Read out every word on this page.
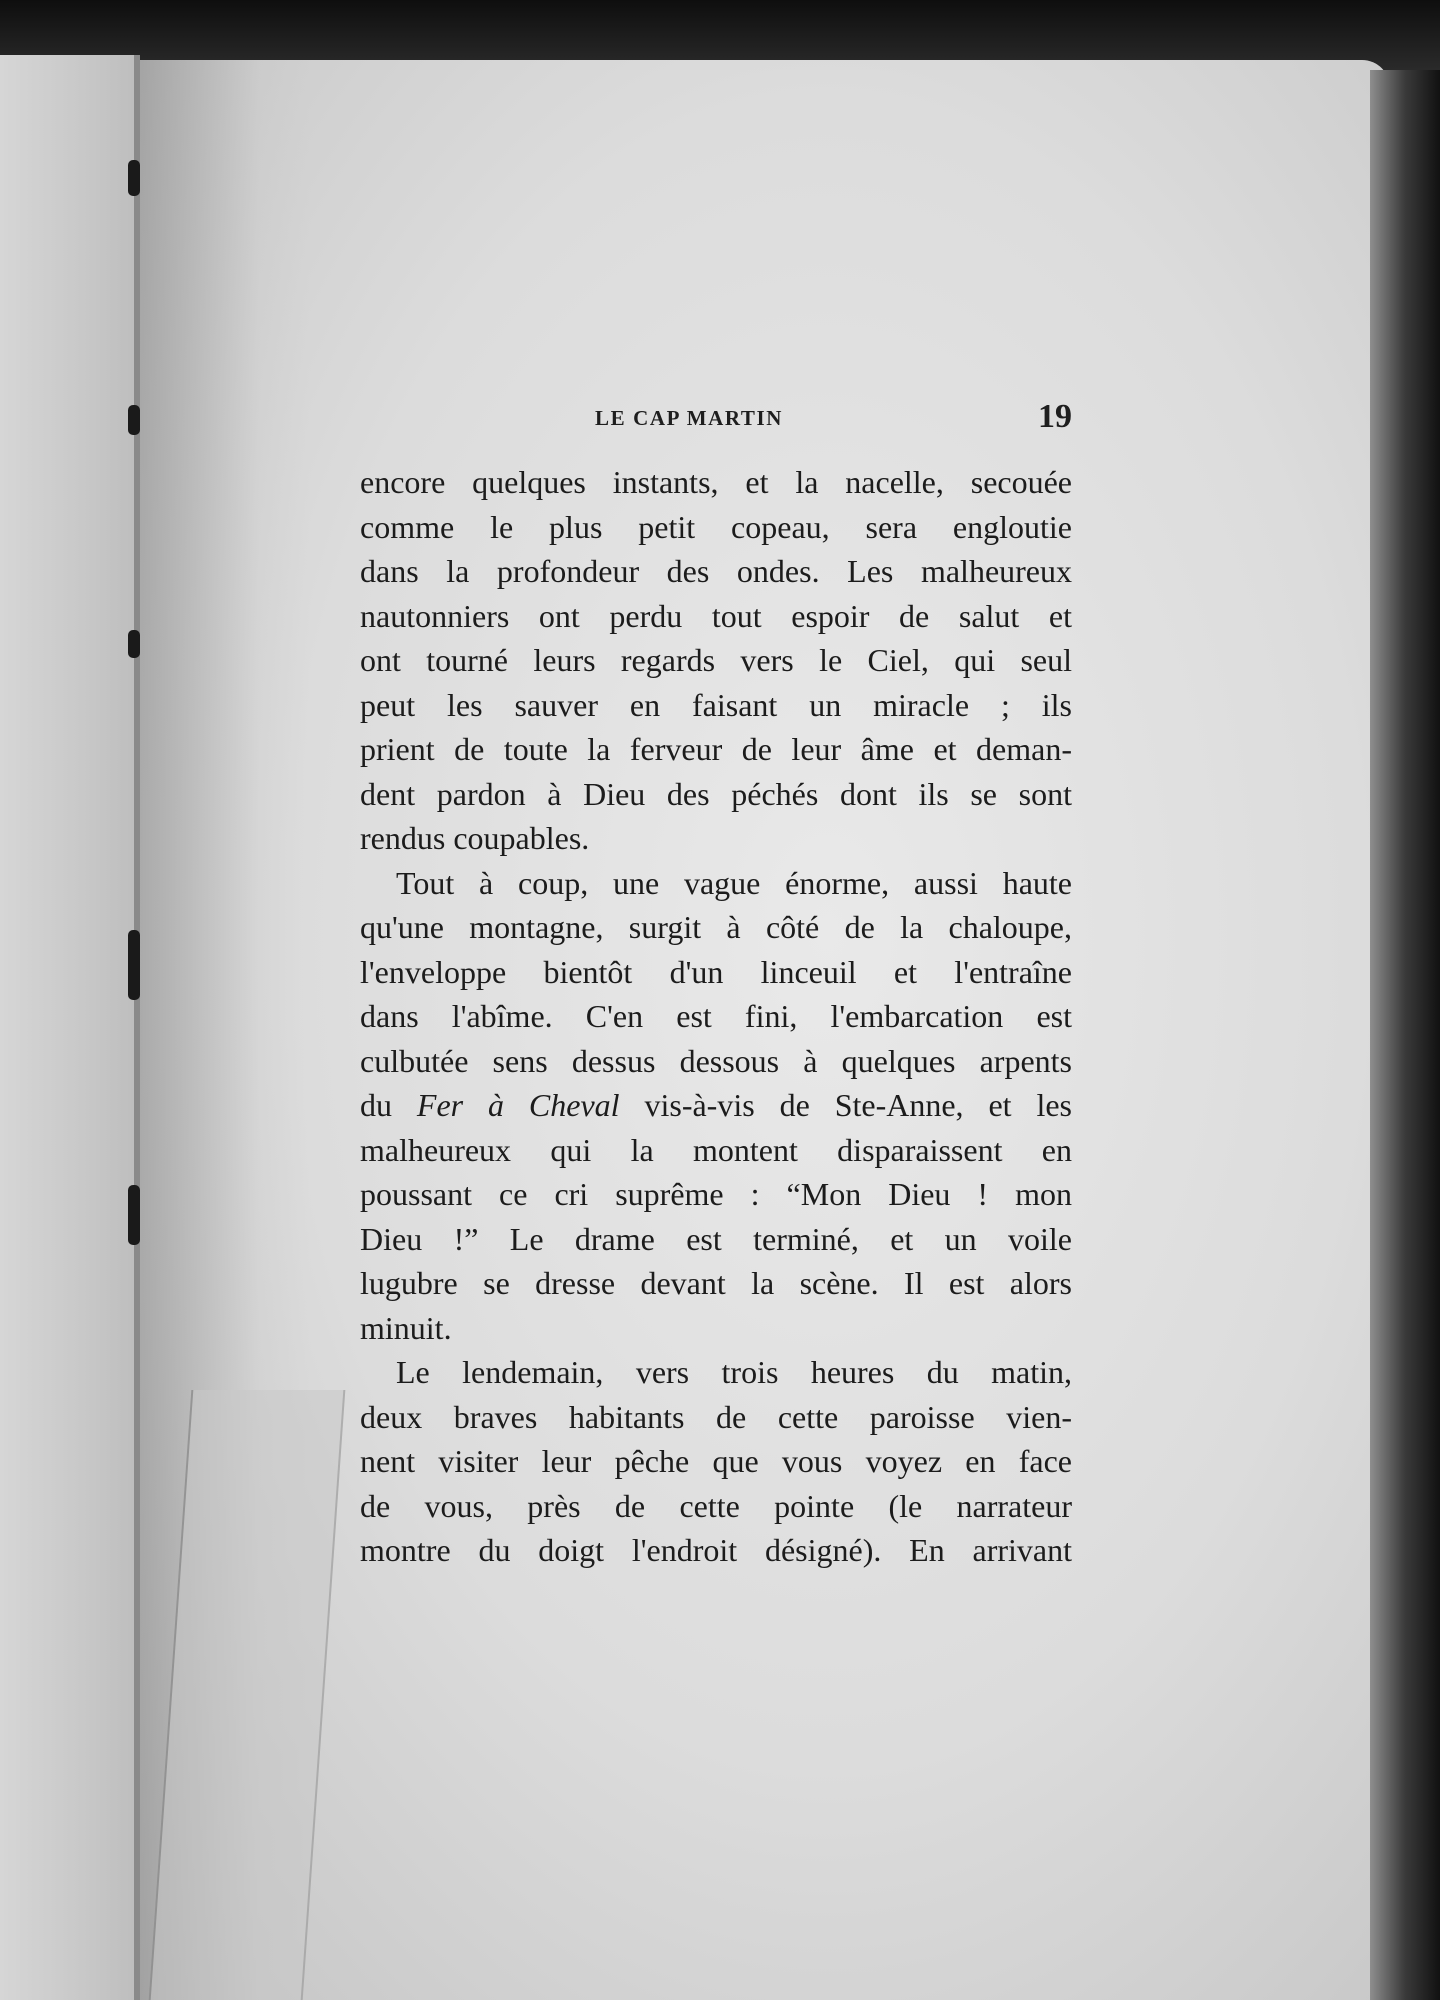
LE CAP MARTIN	19

encore quelques instants, et la nacelle, secouée
comme le plus petit copeau, sera engloutie
dans la profondeur des ondes. Les malheureux
nautonniers ont perdu tout espoir de salut et
ont tourné leurs regards vers le Ciel, qui seul
peut les sauver en faisant un miracle ; ils
prient de toute la ferveur de leur âme et deman-
dent pardon à Dieu des péchés dont ils se sont
rendus coupables.

Tout à coup, une vague énorme, aussi haute
qu'une montagne, surgit à côté de la chaloupe,
l'enveloppe bientôt d'un linceuil et l'entraîne
dans l'abîme. C'en est fini, l'embarcation est
culbutée sens dessus dessous à quelques arpents
du Fer à Cheval vis-à-vis de Ste-Anne, et les
malheureux qui la montent disparaissent en
poussant ce cri suprême : “Mon Dieu ! mon
Dieu !” Le drame est terminé, et un voile
lugubre se dresse devant la scène. Il est alors
minuit.

Le lendemain, vers trois heures du matin,
deux braves habitants de cette paroisse vien-
nent visiter leur pêche que vous voyez en face
de vous, près de cette pointe (le narrateur
montre du doigt l'endroit désigné). En arrivant
